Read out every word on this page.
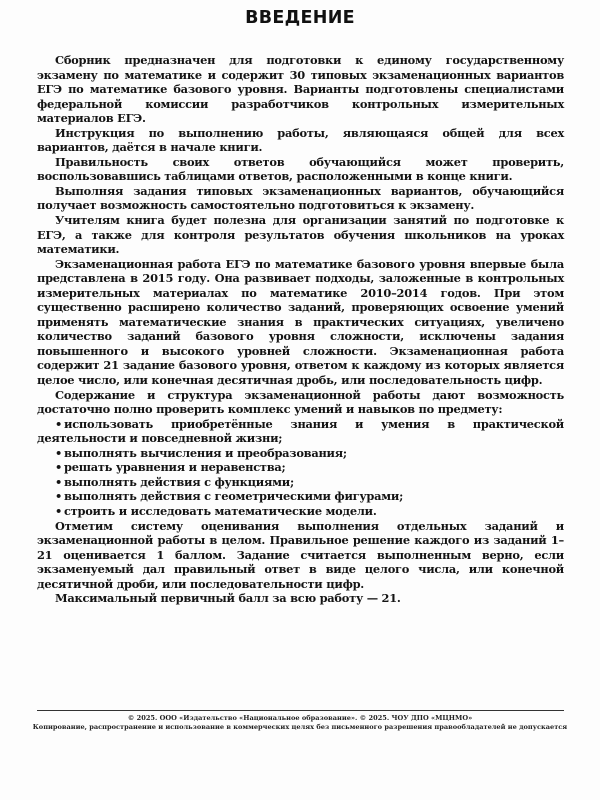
ВВЕДЕНИЕ

Сборник предназначен для подготовки к единому государственному экзамену по математике и содержит 30 типовых экзаменационных вариантов ЕГЭ по математике базового уровня. Варианты подготовлены специалистами федеральной комиссии разработчиков контрольных измерительных материалов ЕГЭ.

Инструкция по выполнению работы, являющаяся общей для всех вариантов, даётся в начале книги.

Правильность своих ответов обучающийся может проверить, воспользовавшись таблицами ответов, расположенными в конце книги.

Выполняя задания типовых экзаменационных вариантов, обучающийся получает возможность самостоятельно подготовиться к экзамену.

Учителям книга будет полезна для организации занятий по подготовке к ЕГЭ, а также для контроля результатов обучения школьников на уроках математики.

Экзаменационная работа ЕГЭ по математике базового уровня впервые была представлена в 2015 году. Она развивает подходы, заложенные в контрольных измерительных материалах по математике 2010–2014 годов. При этом существенно расширено количество заданий, проверяющих освоение умений применять математические знания в практических ситуациях, увеличено количество заданий базового уровня сложности, исключены задания повышенного и высокого уровней сложности. Экзаменационная работа содержит 21 задание базового уровня, ответом к каждому из которых является целое число, или конечная десятичная дробь, или последовательность цифр.

Содержание и структура экзаменационной работы дают возможность достаточно полно проверить комплекс умений и навыков по предмету:

• использовать приобретённые знания и умения в практической деятельности и повседневной жизни;
• выполнять вычисления и преобразования;
• решать уравнения и неравенства;
• выполнять действия с функциями;
• выполнять действия с геометрическими фигурами;
• строить и исследовать математические модели.

Отметим систему оценивания выполнения отдельных заданий и экзаменационной работы в целом. Правильное решение каждого из заданий 1–21 оценивается 1 баллом. Задание считается выполненным верно, если экзаменуемый дал правильный ответ в виде целого числа, или конечной десятичной дроби, или последовательности цифр.

Максимальный первичный балл за всю работу — 21.

© 2025. ООО «Издательство «Национальное образование». © 2025. ЧОУ ДПО «МЦНМО»
Копирование, распространение и использование в коммерческих целях без письменного разрешения правообладателей не допускается
